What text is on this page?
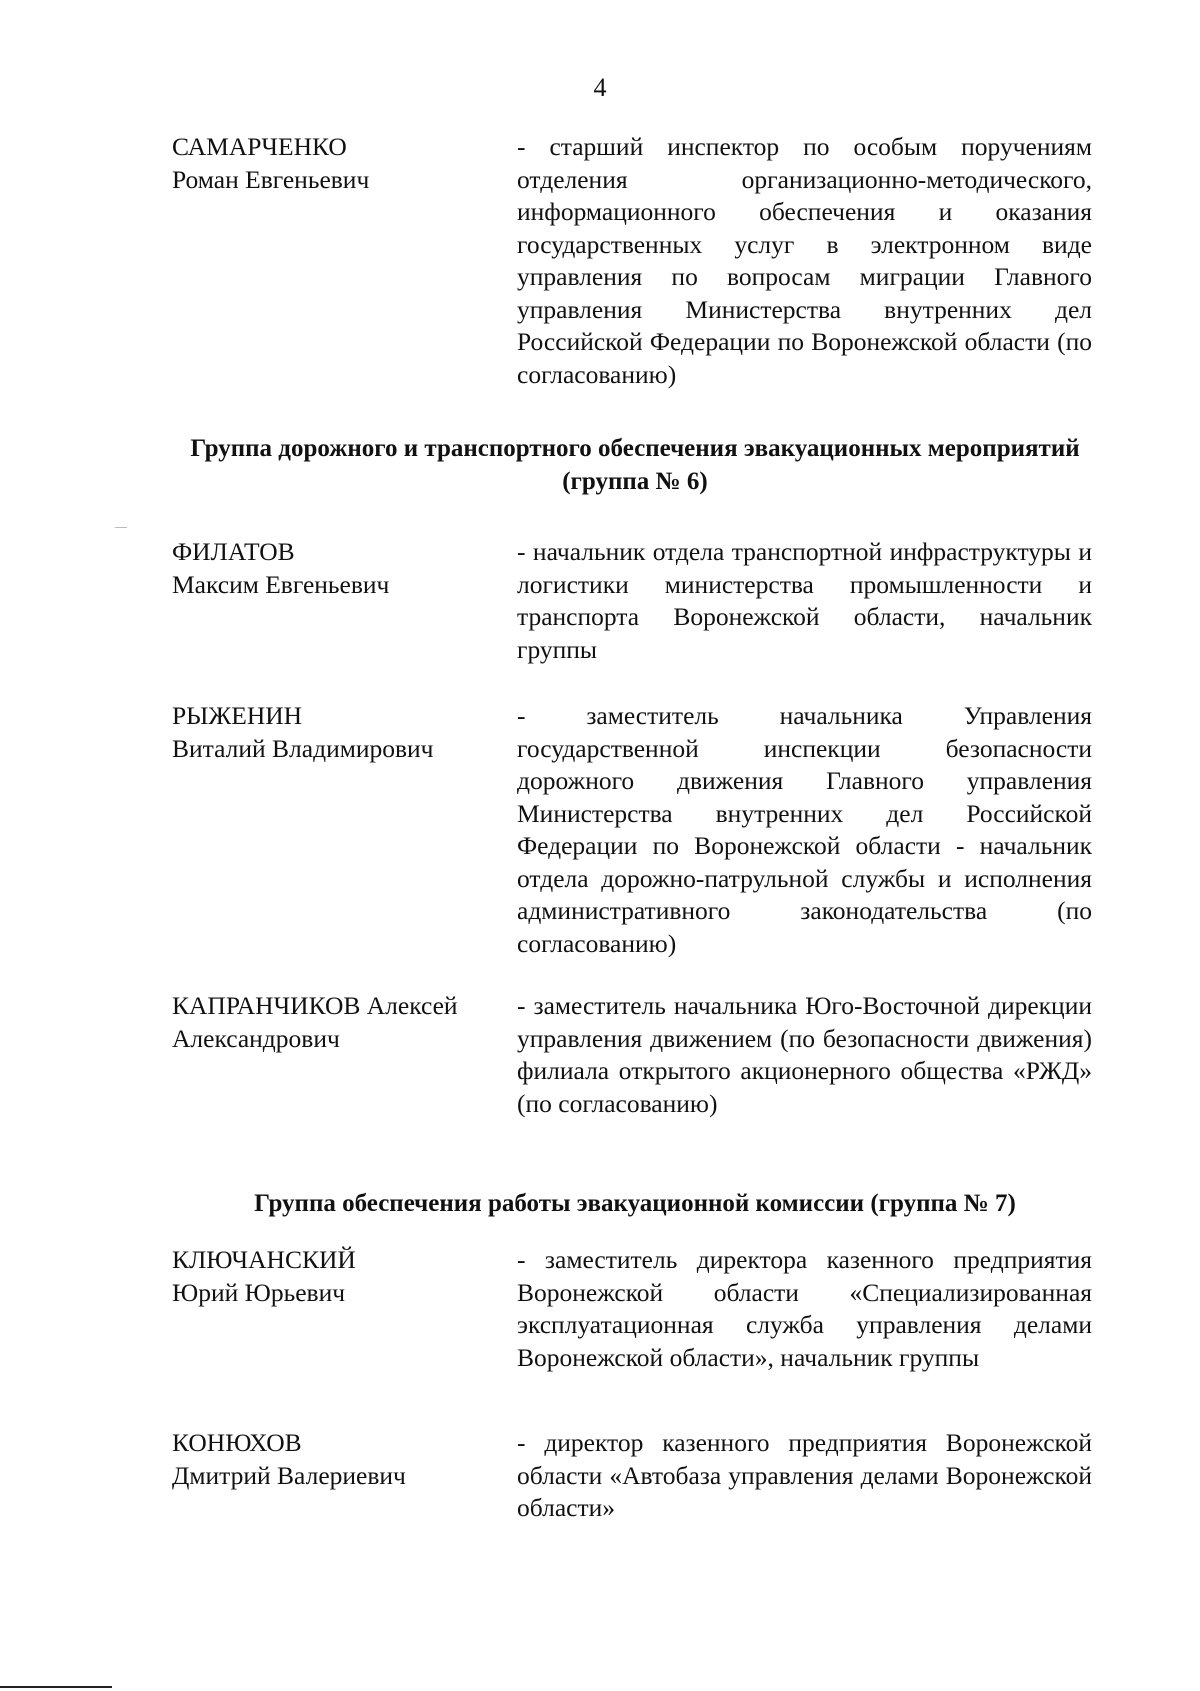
4
САМАРЧЕНКО
Роман Евгеньевич
- старший инспектор по особым поручениям отделения организационно-методического, информационного обеспечения и оказания государственных услуг в электронном виде управления по вопросам миграции Главного управления Министерства внутренних дел Российской Федерации по Воронежской области (по согласованию)
Группа дорожного и транспортного обеспечения эвакуационных мероприятий (группа № 6)
ФИЛАТОВ
Максим Евгеньевич
- начальник отдела транспортной инфраструктуры и логистики министерства промышленности и транспорта Воронежской области, начальник группы
РЫЖЕНИН
Виталий Владимирович
- заместитель начальника Управления государственной инспекции безопасности дорожного движения Главного управления Министерства внутренних дел Российской Федерации по Воронежской области - начальник отдела дорожно-патрульной службы и исполнения административного законодательства (по согласованию)
КАПРАНЧИКОВ Алексей
Александрович
- заместитель начальника Юго-Восточной дирекции управления движением (по безопасности движения) филиала открытого акционерного общества «РЖД» (по согласованию)
Группа обеспечения работы эвакуационной комиссии (группа № 7)
КЛЮЧАНСКИЙ
Юрий Юрьевич
- заместитель директора казенного предприятия Воронежской области «Специализированная эксплуатационная служба управления делами Воронежской области», начальник группы
КОНЮХОВ
Дмитрий Валериевич
- директор казенного предприятия Воронежской области «Автобаза управления делами Воронежской области»
